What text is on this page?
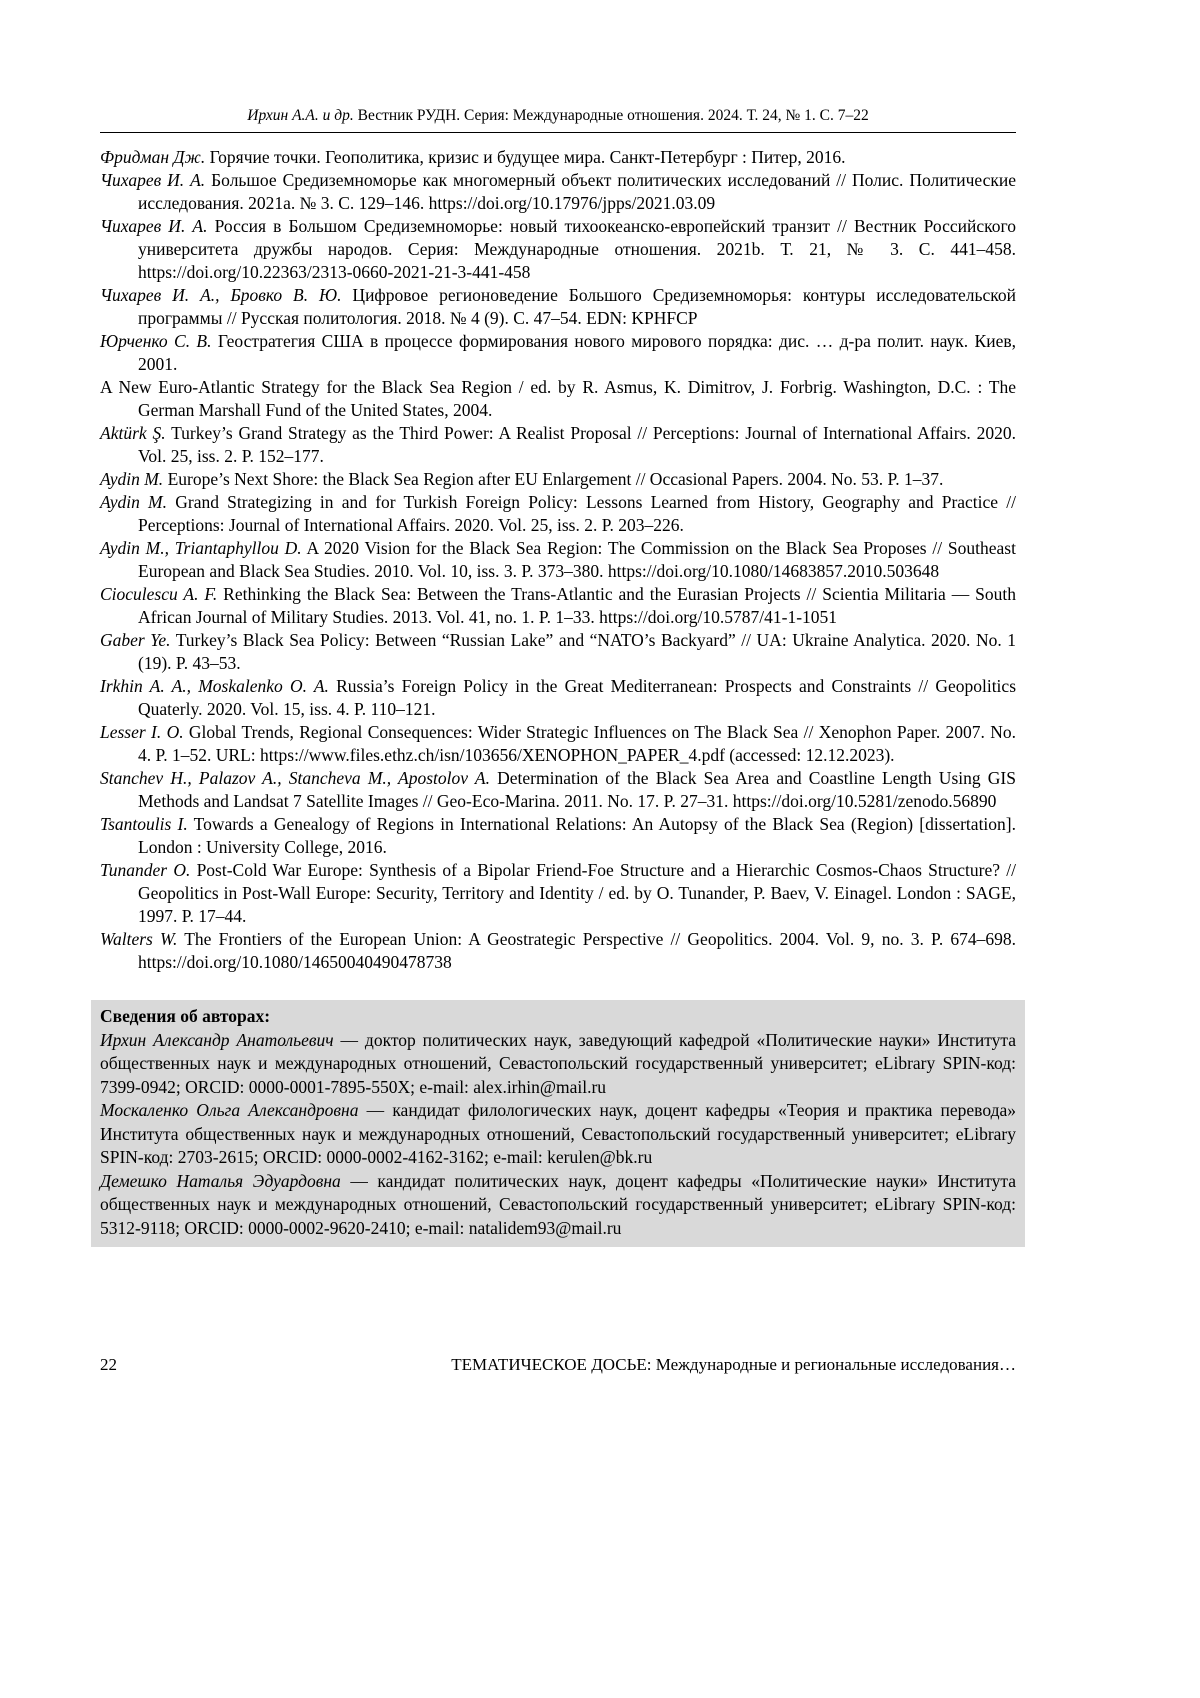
Ирхин А.А. и др. Вестник РУДН. Серия: Международные отношения. 2024. Т. 24, № 1. С. 7–22

Фридман Дж. Горячие точки. Геополитика, кризис и будущее мира. Санкт-Петербург : Питер, 2016.

Чихарев И. А. Большое Средиземноморье как многомерный объект политических исследований // Полис. Политические исследования. 2021a. № 3. С. 129–146. https://doi.org/10.17976/jpps/2021.03.09

Чихарев И. А. Россия в Большом Средиземноморье: новый тихоокеанско-европейский транзит // Вестник Российского университета дружбы народов. Серия: Международные отношения. 2021b. Т. 21, № 3. С. 441–458. https://doi.org/10.22363/2313-0660-2021-21-3-441-458

Чихарев И. А., Бровко В. Ю. Цифровое регионоведение Большого Средиземноморья: контуры исследовательской программы // Русская политология. 2018. № 4 (9). С. 47–54. EDN: KPHFCP

Юрченко С. В. Геостратегия США в процессе формирования нового мирового порядка: дис. … д-ра полит. наук. Киев, 2001.

A New Euro-Atlantic Strategy for the Black Sea Region / ed. by R. Asmus, K. Dimitrov, J. Forbrig. Washington, D.C. : The German Marshall Fund of the United States, 2004.

Aktürk Ş. Turkey’s Grand Strategy as the Third Power: A Realist Proposal // Perceptions: Journal of International Affairs. 2020. Vol. 25, iss. 2. P. 152–177.

Aydin M. Europe’s Next Shore: the Black Sea Region after EU Enlargement // Occasional Papers. 2004. No. 53. P. 1–37.

Aydin M. Grand Strategizing in and for Turkish Foreign Policy: Lessons Learned from History, Geography and Practice // Perceptions: Journal of International Affairs. 2020. Vol. 25, iss. 2. P. 203–226.

Aydin M., Triantaphyllou D. A 2020 Vision for the Black Sea Region: The Commission on the Black Sea Proposes // Southeast European and Black Sea Studies. 2010. Vol. 10, iss. 3. P. 373–380. https://doi.org/10.1080/14683857.2010.503648

Cioculescu A. F. Rethinking the Black Sea: Between the Trans-Atlantic and the Eurasian Projects // Scientia Militaria — South African Journal of Military Studies. 2013. Vol. 41, no. 1. P. 1–33. https://doi.org/10.5787/41-1-1051

Gaber Ye. Turkey’s Black Sea Policy: Between “Russian Lake” and “NATO’s Backyard” // UA: Ukraine Analytica. 2020. No. 1 (19). P. 43–53.

Irkhin A. A., Moskalenko O. A. Russia’s Foreign Policy in the Great Mediterranean: Prospects and Constraints // Geopolitics Quaterly. 2020. Vol. 15, iss. 4. P. 110–121.

Lesser I. O. Global Trends, Regional Consequences: Wider Strategic Influences on The Black Sea // Xenophon Paper. 2007. No. 4. P. 1–52. URL: https://www.files.ethz.ch/isn/103656/XENOPHON_PAPER_4.pdf (accessed: 12.12.2023).

Stanchev H., Palazov A., Stancheva M., Apostolov A. Determination of the Black Sea Area and Coastline Length Using GIS Methods and Landsat 7 Satellite Images // Geo-Eco-Marina. 2011. No. 17. P. 27–31. https://doi.org/10.5281/zenodo.56890

Tsantoulis I. Towards a Genealogy of Regions in International Relations: An Autopsy of the Black Sea (Region) [dissertation]. London : University College, 2016.

Tunander O. Post-Cold War Europe: Synthesis of a Bipolar Friend-Foe Structure and a Hierarchic Cosmos-Chaos Structure? // Geopolitics in Post-Wall Europe: Security, Territory and Identity / ed. by O. Tunander, P. Baev, V. Einagel. London : SAGE, 1997. P. 17–44.

Walters W. The Frontiers of the European Union: A Geostrategic Perspective // Geopolitics. 2004. Vol. 9, no. 3. P. 674–698. https://doi.org/10.1080/14650040490478738

Сведения об авторах:

Ирхин Александр Анатольевич — доктор политических наук, заведующий кафедрой «Политические науки» Института общественных наук и международных отношений, Севастопольский государственный университет; eLibrary SPIN-код: 7399-0942; ORCID: 0000-0001-7895-550X; e-mail: alex.irhin@mail.ru

Москаленко Ольга Александровна — кандидат филологических наук, доцент кафедры «Теория и практика перевода» Института общественных наук и международных отношений, Севастопольский государственный университет; eLibrary SPIN-код: 2703-2615; ORCID: 0000-0002-4162-3162; e-mail: kerulen@bk.ru

Демешко Наталья Эдуардовна — кандидат политических наук, доцент кафедры «Политические науки» Института общественных наук и международных отношений, Севастопольский государственный университет; eLibrary SPIN-код: 5312-9118; ORCID: 0000-0002-9620-2410; e-mail: natalidem93@mail.ru

22	ТЕМАТИЧЕСКОЕ ДОСЬЕ: Международные и региональные исследования…
